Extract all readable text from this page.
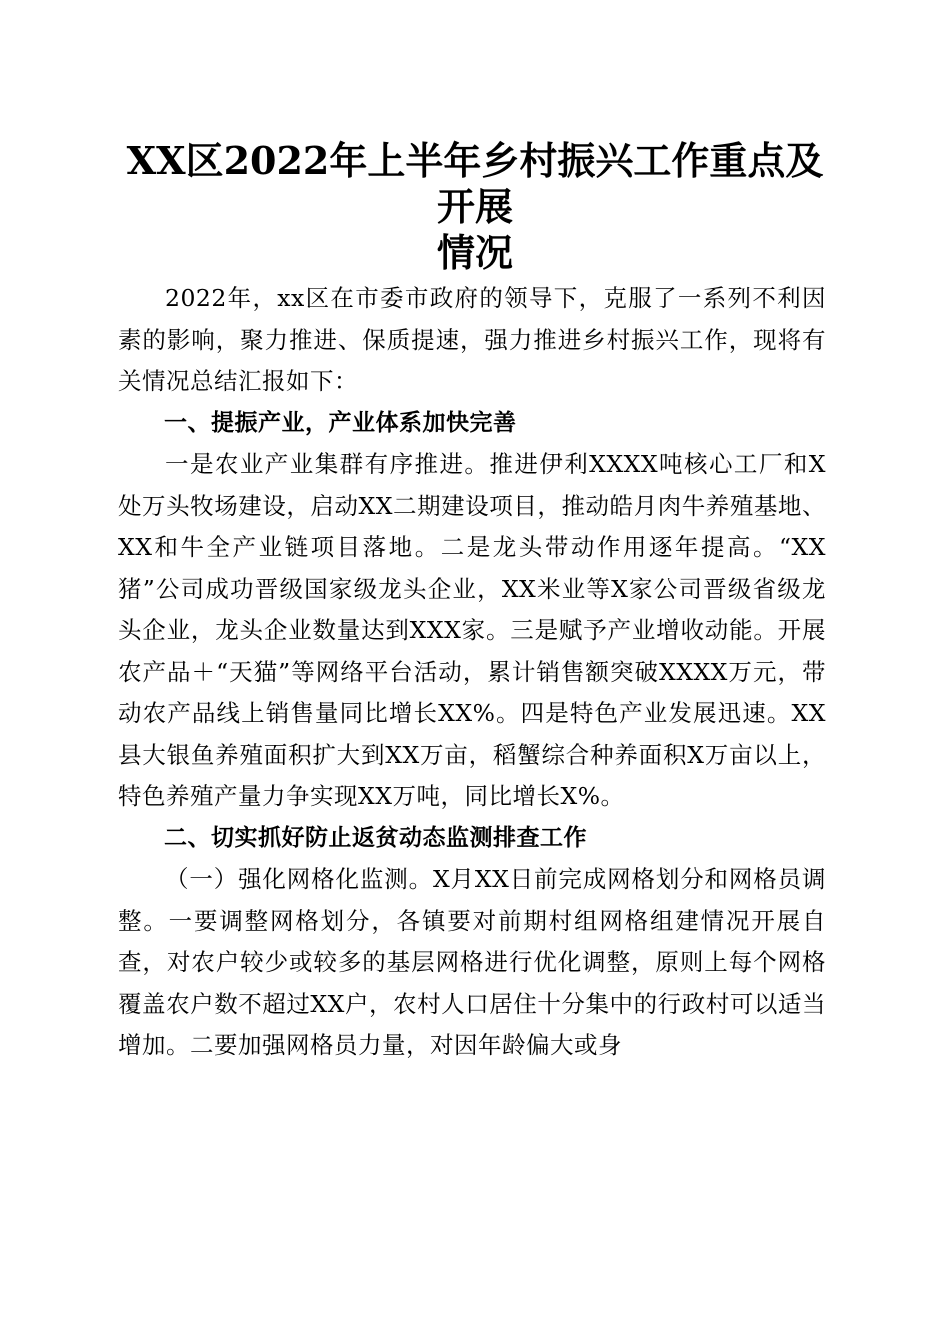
XX区2022年上半年乡村振兴工作重点及开展
情况

2022年，xx区在市委市政府的领导下，克服了一系列不利因素的影响，聚力推进、保质提速，强力推进乡村振兴工作，现将有关情况总结汇报如下：

一、提振产业，产业体系加快完善

一是农业产业集群有序推进。推进伊利XXXX吨核心工厂和X处万头牧场建设，启动XX二期建设项目，推动皓月肉牛养殖基地、XX和牛全产业链项目落地。二是龙头带动作用逐年提高。“XX猪”公司成功晋级国家级龙头企业，XX米业等X家公司晋级省级龙头企业，龙头企业数量达到XXX家。三是赋予产业增收动能。开展农产品＋“天猫”等网络平台活动，累计销售额突破XXXX万元，带动农产品线上销售量同比增长XX%。四是特色产业发展迅速。XX县大银鱼养殖面积扩大到XX万亩，稻蟹综合种养面积X万亩以上，特色养殖产量力争实现XX万吨，同比增长X%。

二、切实抓好防止返贫动态监测排查工作

（一）强化网格化监测。X月XX日前完成网格划分和网格员调整。一要调整网格划分，各镇要对前期村组网格组建情况开展自查，对农户较少或较多的基层网格进行优化调整，原则上每个网格覆盖农户数不超过XX户，农村人口居住十分集中的行政村可以适当增加。二要加强网格员力量，对因年龄偏大或身
